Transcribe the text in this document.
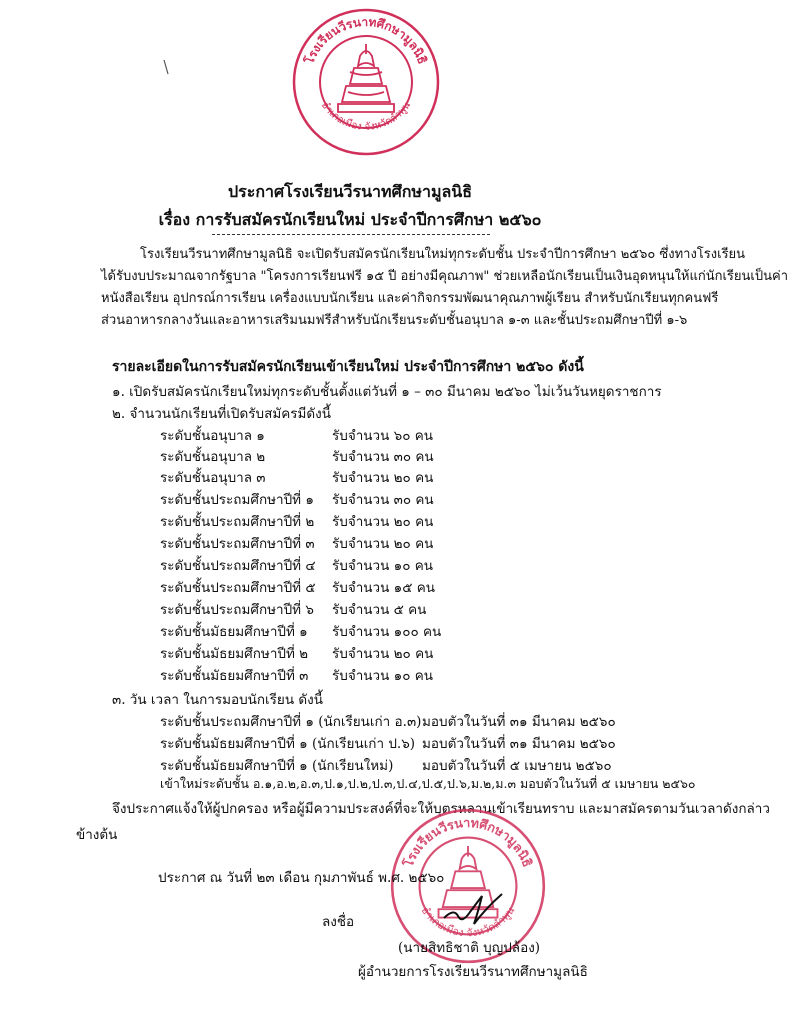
โรงเรียนวีรนาทศึกษามูลนิธิ
อำเภอเมือง จังหวัดลำพูน
ประกาศโรงเรียนวีรนาทศึกษามูลนิธิ
เรื่อง การรับสมัครนักเรียนใหม่ ประจำปีการศึกษา ๒๕๖๐
โรงเรียนวีรนาทศึกษามูลนิธิ จะเปิดรับสมัครนักเรียนใหม่ทุกระดับชั้น ประจำปีการศึกษา ๒๕๖๐ ซึ่งทางโรงเรียน
ได้รับงบประมาณจากรัฐบาล "โครงการเรียนฟรี ๑๕ ปี อย่างมีคุณภาพ" ช่วยเหลือนักเรียนเป็นเงินอุดหนุนให้แก่นักเรียนเป็นค่า
หนังสือเรียน อุปกรณ์การเรียน เครื่องแบบนักเรียน และค่ากิจกรรมพัฒนาคุณภาพผู้เรียน สำหรับนักเรียนทุกคนฟรี
ส่วนอาหารกลางวันและอาหารเสริมนมฟรีสำหรับนักเรียนระดับชั้นอนุบาล ๑-๓ และชั้นประถมศึกษาปีที่ ๑-๖
รายละเอียดในการรับสมัครนักเรียนเข้าเรียนใหม่ ประจำปีการศึกษา ๒๕๖๐ ดังนี้
๑. เปิดรับสมัครนักเรียนใหม่ทุกระดับชั้นตั้งแต่วันที่ ๑ – ๓๐ มีนาคม ๒๕๖๐ ไม่เว้นวันหยุดราชการ
๒. จำนวนนักเรียนที่เปิดรับสมัครมีดังนี้
ระดับชั้นอนุบาล ๑	รับจำนวน ๖๐ คน
ระดับชั้นอนุบาล ๒	รับจำนวน ๓๐ คน
ระดับชั้นอนุบาล ๓	รับจำนวน ๒๐ คน
ระดับชั้นประถมศึกษาปีที่ ๑ รับจำนวน ๓๐ คน
ระดับชั้นประถมศึกษาปีที่ ๒ รับจำนวน ๒๐ คน
ระดับชั้นประถมศึกษาปีที่ ๓ รับจำนวน ๒๐ คน
ระดับชั้นประถมศึกษาปีที่ ๔ รับจำนวน ๑๐ คน
ระดับชั้นประถมศึกษาปีที่ ๕ รับจำนวน ๑๕ คน
ระดับชั้นประถมศึกษาปีที่ ๖ รับจำนวน ๕ คน
ระดับชั้นมัธยมศึกษาปีที่ ๑ รับจำนวน ๑๐๐ คน
ระดับชั้นมัธยมศึกษาปีที่ ๒ รับจำนวน ๒๐ คน
ระดับชั้นมัธยมศึกษาปีที่ ๓ รับจำนวน ๑๐ คน
๓. วัน เวลา ในการมอบนักเรียน ดังนี้
ระดับชั้นประถมศึกษาปีที่ ๑ (นักเรียนเก่า อ.๓) มอบตัวในวันที่ ๓๑ มีนาคม ๒๕๖๐
ระดับชั้นมัธยมศึกษาปีที่ ๑ (นักเรียนเก่า ป.๖) มอบตัวในวันที่ ๓๑ มีนาคม ๒๕๖๐
ระดับชั้นมัธยมศึกษาปีที่ ๑ (นักเรียนใหม่) มอบตัวในวันที่ ๕ เมษายน ๒๕๖๐
เข้าใหม่ระดับชั้น อ.๑,อ.๒,อ.๓,ป.๑,ป.๒,ป.๓,ป.๔,ป.๕,ป.๖,ม.๒,ม.๓ มอบตัวในวันที่ ๕ เมษายน ๒๕๖๐
จึงประกาศแจ้งให้ผู้ปกครอง หรือผู้มีความประสงค์ที่จะให้บุตรหลานเข้าเรียนทราบ และมาสมัครตามวันเวลาดังกล่าว
ข้างต้น
โรงเรียนวีรนาทศึกษามูลนิธิ
อำเภอเมือง จังหวัดลำพูน
ประกาศ ณ วันที่ ๒๓ เดือน กุมภาพันธ์ พ.ศ. ๒๕๖๐
ลงชื่อ
(นายสิทธิชาติ บุญปล้อง)
ผู้อำนวยการโรงเรียนวีรนาทศึกษามูลนิธิ
